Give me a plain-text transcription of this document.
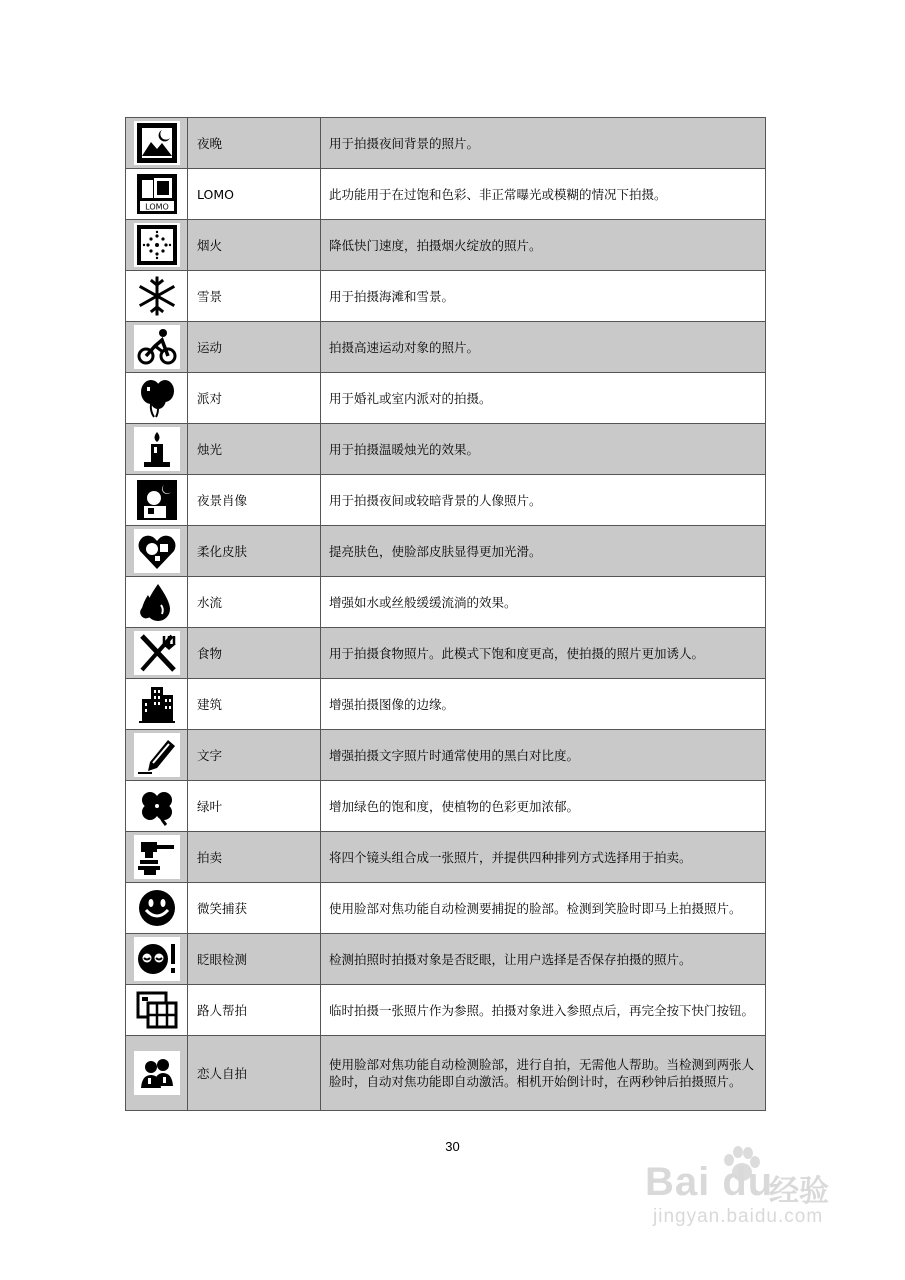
	夜晚	用于拍摄夜间背景的照片。

LOMO	LOMO	此功能用于在过饱和色彩、非正常曝光或模糊的情况下拍摄。

	烟火	降低快门速度，拍摄烟火绽放的照片。

	雪景	用于拍摄海滩和雪景。

	运动	拍摄高速运动对象的照片。

	派对	用于婚礼或室内派对的拍摄。

	烛光	用于拍摄温暖烛光的效果。

	夜景肖像	用于拍摄夜间或较暗背景的人像照片。

	柔化皮肤	提亮肤色，使脸部皮肤显得更加光滑。

	水流	增强如水或丝般缓缓流淌的效果。

	食物	用于拍摄食物照片。此模式下饱和度更高，使拍摄的照片更加诱人。

	建筑	增强拍摄图像的边缘。

	文字	增强拍摄文字照片时通常使用的黑白对比度。

	绿叶	增加绿色的饱和度，使植物的色彩更加浓郁。

	拍卖	将四个镜头组合成一张照片，并提供四种排列方式选择用于拍卖。

	微笑捕获	使用脸部对焦功能自动检测要捕捉的脸部。检测到笑脸时即马上拍摄照片。

	眨眼检测	检测拍照时拍摄对象是否眨眼，让用户选择是否保存拍摄的照片。

	路人帮拍	临时拍摄一张照片作为参照。拍摄对象进入参照点后，再完全按下快门按钮。

	恋人自拍	使用脸部对焦功能自动检测脸部，进行自拍，无需他人帮助。当检测到两张人脸时，自动对焦功能即自动激活。相机开始倒计时，在两秒钟后拍摄照片。
30
Bai du
经验
jingyan.baidu.com
